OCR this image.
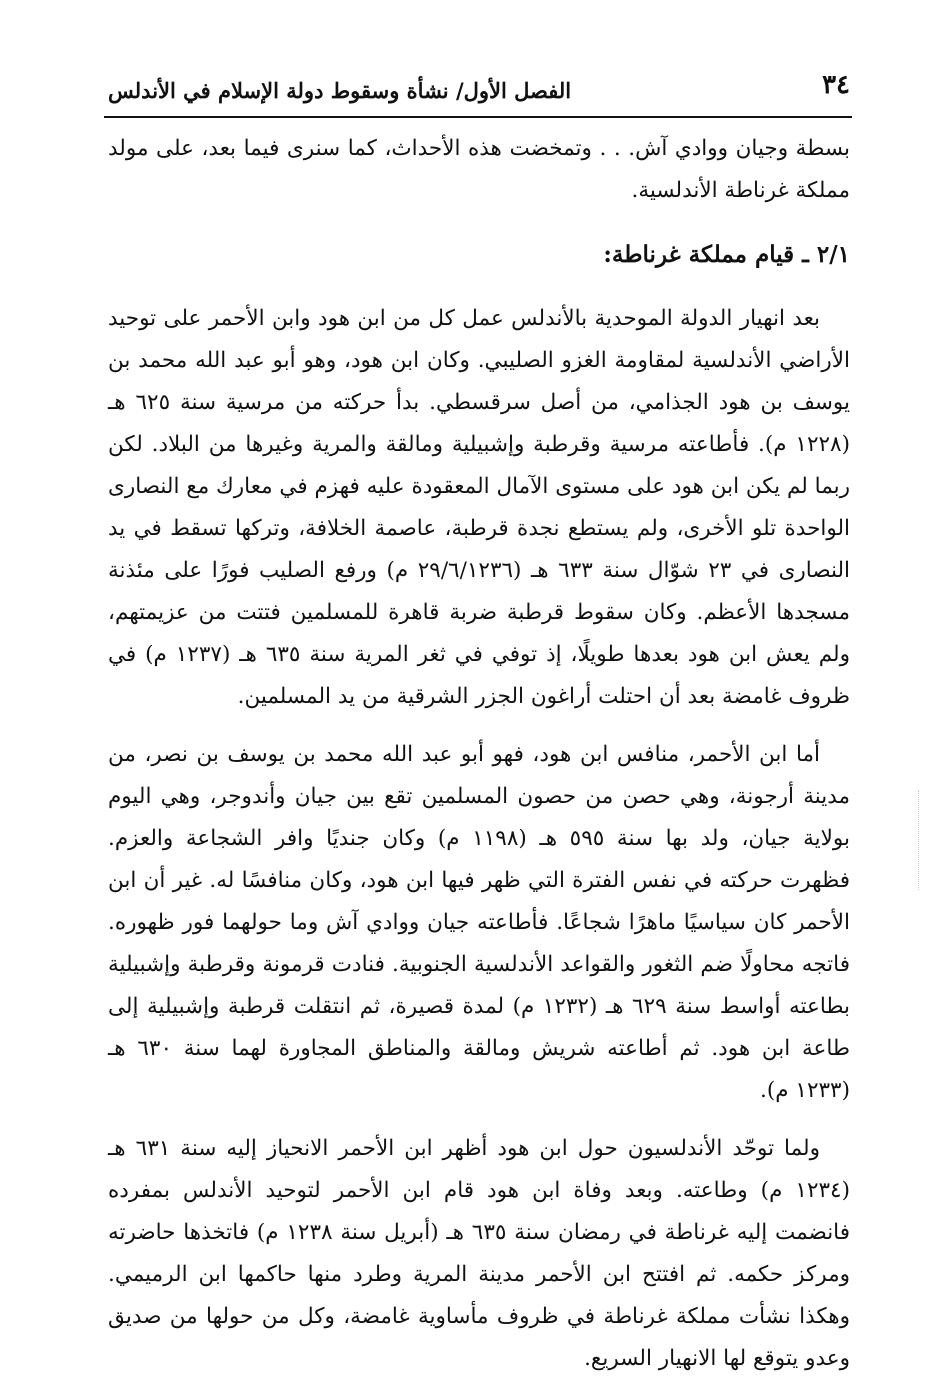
٣٤
الفصل الأول/ نشأة وسقوط دولة الإسلام في الأندلس

بسطة وجيان ووادي آش. . . وتمخضت هذه الأحداث، كما سنرى فيما بعد، على مولد مملكة غرناطة الأندلسية.

٢/١ ـ قيام مملكة غرناطة:

بعد انهيار الدولة الموحدية بالأندلس عمل كل من ابن هود وابن الأحمر على توحيد الأراضي الأندلسية لمقاومة الغزو الصليبي. وكان ابن هود، وهو أبو عبد الله محمد بن يوسف بن هود الجذامي، من أصل سرقسطي. بدأ حركته من مرسية سنة ٦٢٥ هـ (١٢٢٨ م). فأطاعته مرسية وقرطبة وإشبيلية ومالقة والمرية وغيرها من البلاد. لكن ربما لم يكن ابن هود على مستوى الآمال المعقودة عليه فهزم في معارك مع النصارى الواحدة تلو الأخرى، ولم يستطع نجدة قرطبة، عاصمة الخلافة، وتركها تسقط في يد النصارى في ٢٣ شوّال سنة ٦٣٣ هـ (٢٩/٦/١٢٣٦ م) ورفع الصليب فورًا على مئذنة مسجدها الأعظم. وكان سقوط قرطبة ضربة قاهرة للمسلمين فتتت من عزيمتهم، ولم يعش ابن هود بعدها طويلًا، إذ توفي في ثغر المرية سنة ٦٣٥ هـ (١٢٣٧ م) في ظروف غامضة بعد أن احتلت أراغون الجزر الشرقية من يد المسلمين.

أما ابن الأحمر، منافس ابن هود، فهو أبو عبد الله محمد بن يوسف بن نصر، من مدينة أرجونة، وهي حصن من حصون المسلمين تقع بين جيان وأندوجر، وهي اليوم بولاية جيان، ولد بها سنة ٥٩٥ هـ (١١٩٨ م) وكان جنديًا وافر الشجاعة والعزم. فظهرت حركته في نفس الفترة التي ظهر فيها ابن هود، وكان منافسًا له. غير أن ابن الأحمر كان سياسيًا ماهرًا شجاعًا. فأطاعته جيان ووادي آش وما حولهما فور ظهوره. فاتجه محاولًا ضم الثغور والقواعد الأندلسية الجنوبية. فنادت قرمونة وقرطبة وإشبيلية بطاعته أواسط سنة ٦٢٩ هـ (١٢٣٢ م) لمدة قصيرة، ثم انتقلت قرطبة وإشبيلية إلى طاعة ابن هود. ثم أطاعته شريش ومالقة والمناطق المجاورة لهما سنة ٦٣٠ هـ (١٢٣٣ م).

ولما توحّد الأندلسيون حول ابن هود أظهر ابن الأحمر الانحياز إليه سنة ٦٣١ هـ (١٢٣٤ م) وطاعته. وبعد وفاة ابن هود قام ابن الأحمر لتوحيد الأندلس بمفرده فانضمت إليه غرناطة في رمضان سنة ٦٣٥ هـ (أبريل سنة ١٢٣٨ م) فاتخذها حاضرته ومركز حكمه. ثم افتتح ابن الأحمر مدينة المرية وطرد منها حاكمها ابن الرميمي. وهكذا نشأت مملكة غرناطة في ظروف مأساوية غامضة، وكل من حولها من صديق وعدو يتوقع لها الانهيار السريع.
